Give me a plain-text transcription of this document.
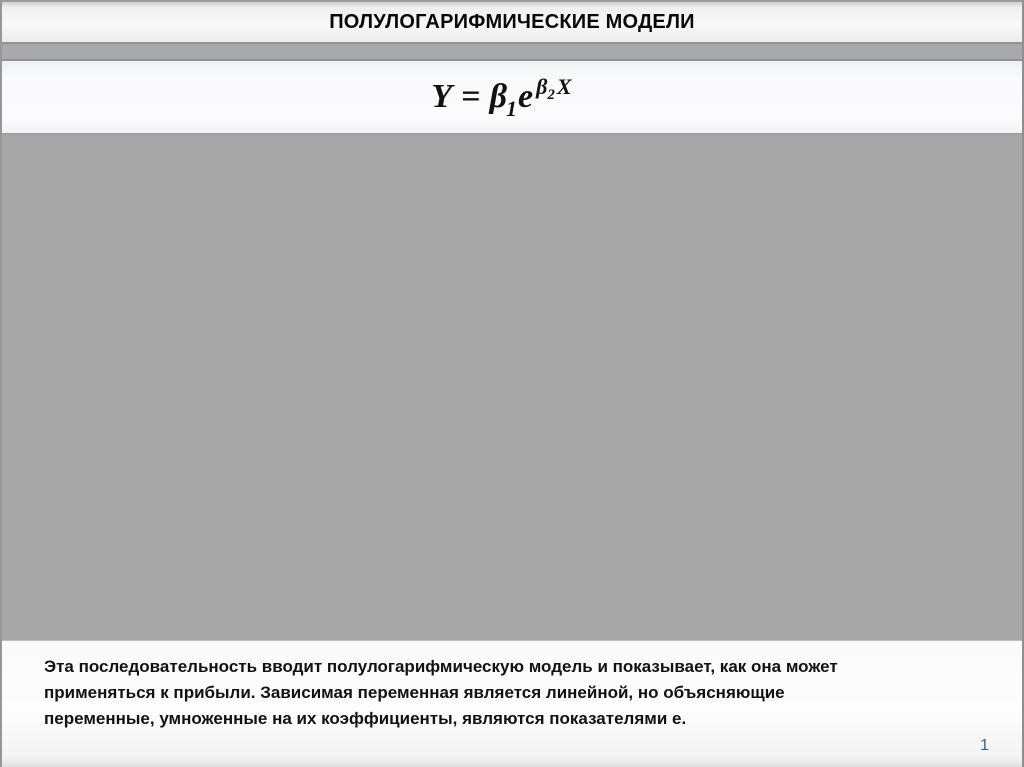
ПОЛУЛОГАРИФМИЧЕСКИЕ МОДЕЛИ
$Y = \beta_1e$ $^{\beta_2X}$
Эта последовательность вводит полулогарифмическую модель и показывает, как она может
применяться к прибыли. Зависимая переменная является линейной, но объясняющие
переменные, умноженные на их коэффициенты, являются показателями е.
1
